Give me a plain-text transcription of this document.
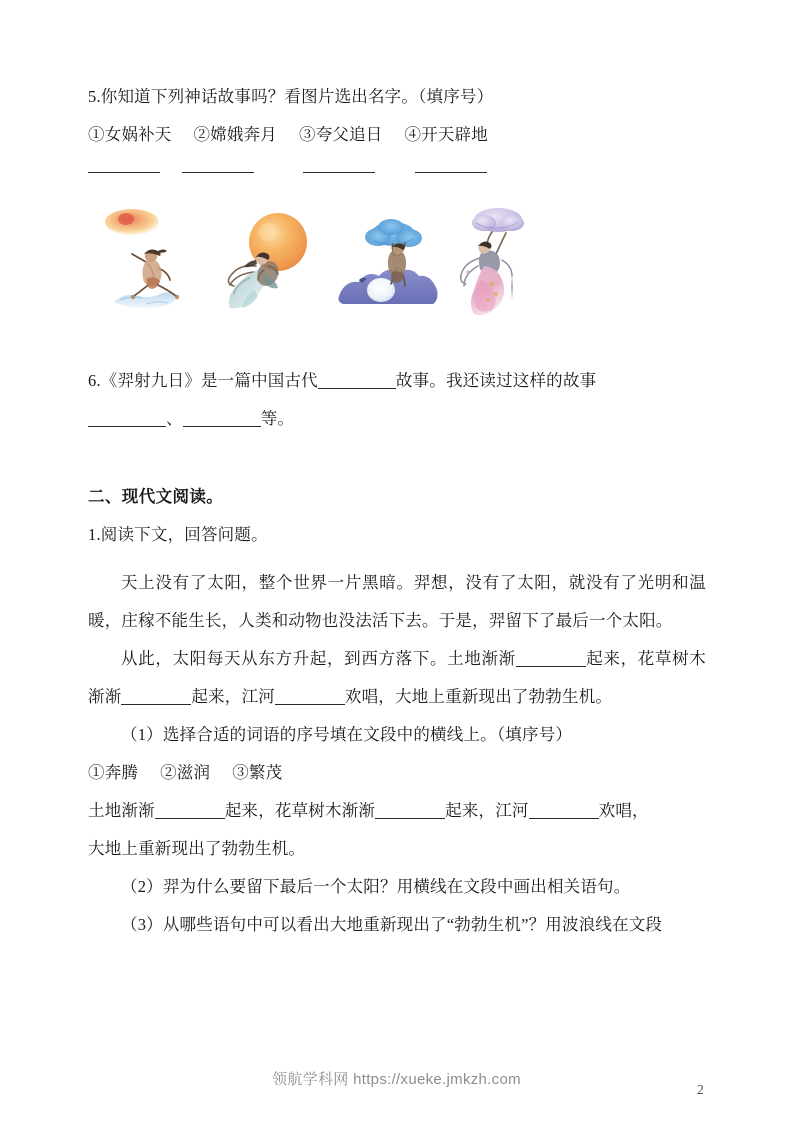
5.你知道下列神话故事吗？看图片选出名字。（填序号）
①女娲补天 ②嫦娥奔月 ③夸父追日 ④开天辟地
6.《羿射九日》是一篇中国古代	故事。我还读过这样的故事
、	等。
二、现代文阅读。
1.阅读下文，回答问题。
天上没有了太阳，整个世界一片黑暗。羿想，没有了太阳，就没有了光明和温暖，庄稼不能生长，人类和动物也没法活下去。于是，羿留下了最后一个太阳。
从此，太阳每天从东方升起，到西方落下。土地渐渐	起来，花草树木渐渐	起来，江河	欢唱，大地上重新现出了勃勃生机。
（1）选择合适的词语的序号填在文段中的横线上。（填序号）
①奔腾 ②滋润 ③繁茂
土地渐渐	起来，花草树木渐渐	起来，江河	欢唱，
大地上重新现出了勃勃生机。
（2）羿为什么要留下最后一个太阳？用横线在文段中画出相关语句。
（3）从哪些语句中可以看出大地重新现出了“勃勃生机”？用波浪线在文段
领航学科网 https://xueke.jmkzh.com
2
